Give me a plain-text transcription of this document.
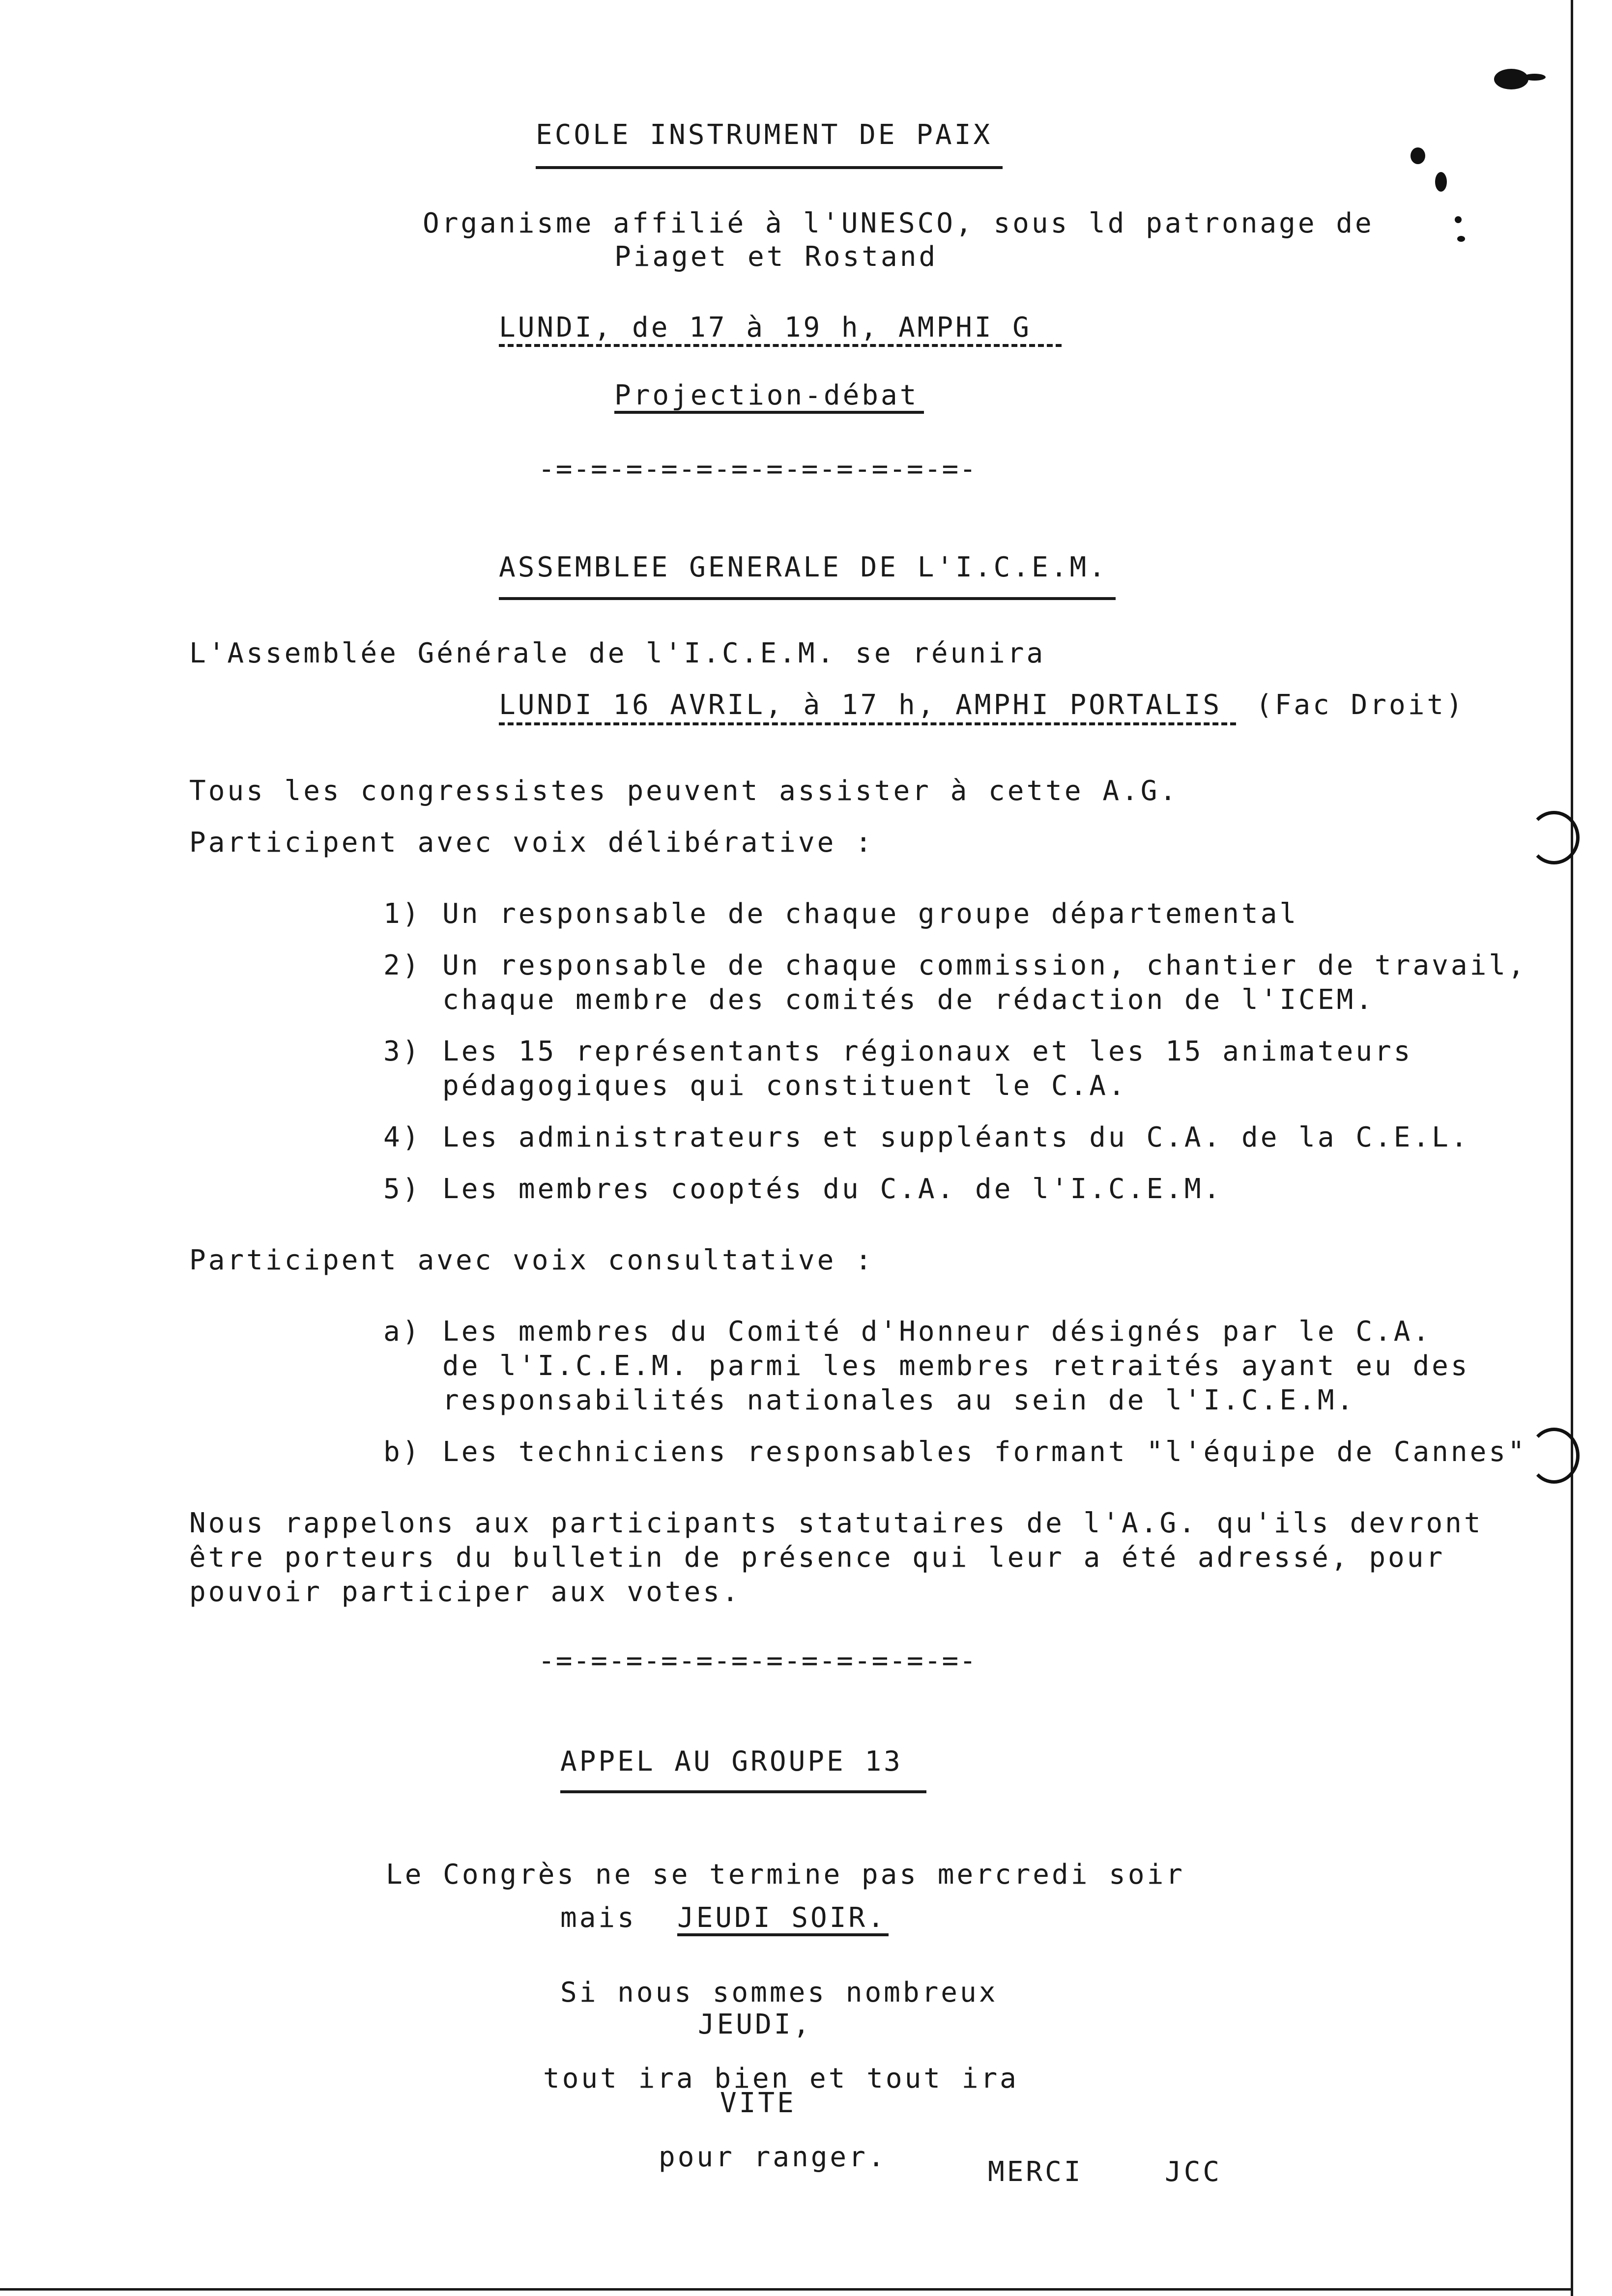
ECOLE INSTRUMENT DE PAIX
Organisme affilié à l'UNESCO, sous ld patronage de
Piaget et Rostand
LUNDI, de 17 à 19 h, AMPHI G
Projection-débat
-=-=-=-=-=-=-=-=-=-=-=-=-
ASSEMBLEE GENERALE DE L'I.C.E.M.
L'Assemblée Générale de l'I.C.E.M. se réunira
LUNDI 16 AVRIL, à 17 h, AMPHI PORTALIS (Fac Droit)
Tous les congressistes peuvent assister à cette A.G.
Participent avec voix délibérative :
1) Un responsable de chaque groupe départemental
2) Un responsable de chaque commission, chantier de travail,
chaque membre des comités de rédaction de l'ICEM.
3) Les 15 représentants régionaux et les 15 animateurs
pédagogiques qui constituent le C.A.
4) Les administrateurs et suppléants du C.A. de la C.E.L.
5) Les membres cooptés du C.A. de l'I.C.E.M.
Participent avec voix consultative :
a) Les membres du Comité d'Honneur désignés par le C.A.
de l'I.C.E.M. parmi les membres retraités ayant eu des
responsabilités nationales au sein de l'I.C.E.M.
b) Les techniciens responsables formant "l'équipe de Cannes"
Nous rappelons aux participants statutaires de l'A.G. qu'ils devront
être porteurs du bulletin de présence qui leur a été adressé, pour
pouvoir participer aux votes.
-=-=-=-=-=-=-=-=-=-=-=-=-
APPEL AU GROUPE 13
Le Congrès ne se termine pas mercredi soir
mais JEUDI SOIR.
Si nous sommes nombreux
JEUDI,
tout ira bien et tout ira
VITE
pour ranger.	MERCI	JCC
